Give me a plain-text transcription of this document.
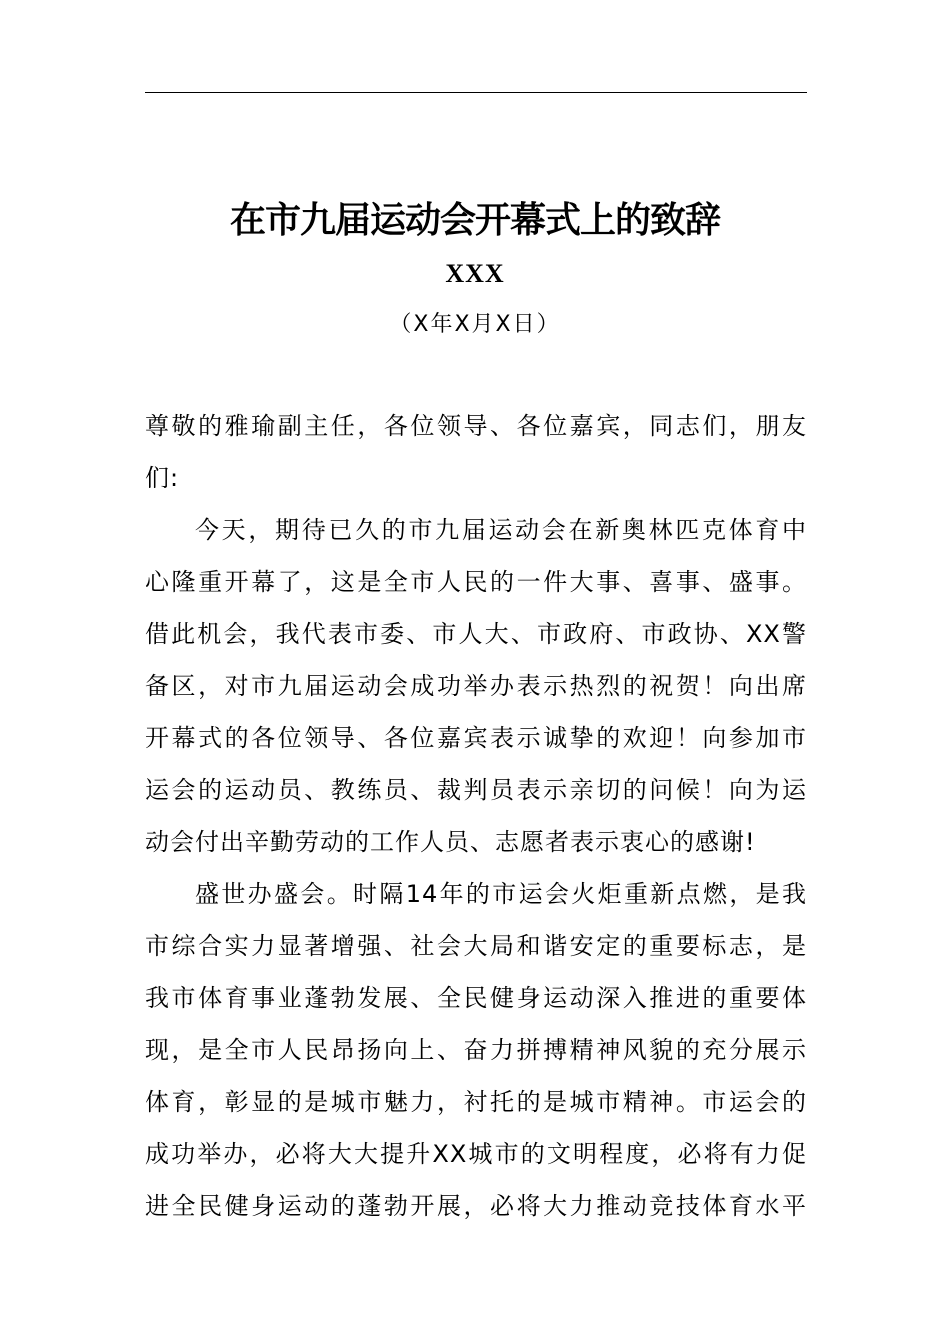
在市九届运动会开幕式上的致辞
XXX
（X年X月X日）
尊敬的雅瑜副主任，各位领导、各位嘉宾，同志们，朋友
们:
今天，期待已久的市九届运动会在新奥林匹克体育中
心隆重开幕了，这是全市人民的一件大事、喜事、盛事。
借此机会，我代表市委、市人大、市政府、市政协、XX警
备区，对市九届运动会成功举办表示热烈的祝贺！向出席
开幕式的各位领导、各位嘉宾表示诚挚的欢迎！向参加市
运会的运动员、教练员、裁判员表示亲切的问候！向为运
动会付出辛勤劳动的工作人员、志愿者表示衷心的感谢!
盛世办盛会。时隔14年的市运会火炬重新点燃，是我
市综合实力显著增强、社会大局和谐安定的重要标志，是
我市体育事业蓬勃发展、全民健身运动深入推进的重要体
现，是全市人民昂扬向上、奋力拼搏精神风貌的充分展示
体育，彰显的是城市魅力，衬托的是城市精神。市运会的
成功举办，必将大大提升XX城市的文明程度，必将有力促
进全民健身运动的蓬勃开展，必将大力推动竞技体育水平
